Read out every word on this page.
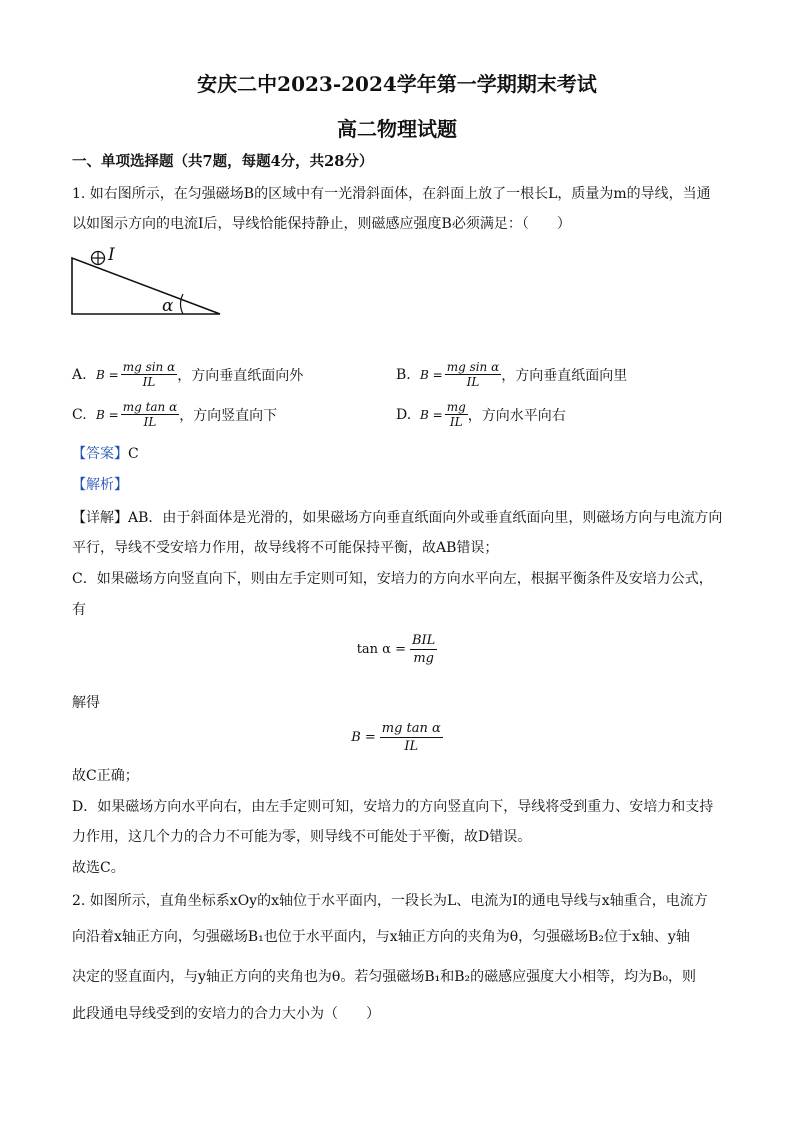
安庆二中2023-2024学年第一学期期末考试
高二物理试题
一、单项选择题（共7题，每题4分，共28分）
1. 如右图所示，在匀强磁场B的区域中有一光滑斜面体，在斜面上放了一根长L，质量为m的导线，当通
以如图示方向的电流I后，导线恰能保持静止，则磁感应强度B必须满足：（　　）
I
α
A. $B = \frac{\text{mg sin α}}{IL}$ ，方向垂直纸面向外	B. $B = \frac{\text{mg sin α}}{IL}$ ，方向垂直纸面向里
C. $B = \frac{\text{mg tan α}}{IL}$ ，方向竖直向下	D. $B = \frac{mg}{IL}$ ，方向水平向右
【答案】C
【解析】
【详解】AB．由于斜面体是光滑的，如果磁场方向垂直纸面向外或垂直纸面向里，则磁场方向与电流方向
平行，导线不受安培力作用，故导线将不可能保持平衡，故AB错误；
C．如果磁场方向竖直向下，则由左手定则可知，安培力的方向水平向左，根据平衡条件及安培力公式，
有
$\tan \alpha = \frac{\text{BIL}}{mg}$
解得
$B = \frac{\text{mg tan α}}{IL}$
故C正确；
D．如果磁场方向水平向右，由左手定则可知，安培力的方向竖直向下，导线将受到重力、安培力和支持
力作用，这几个力的合力不可能为零，则导线不可能处于平衡，故D错误。
故选C。
2. 如图所示，直角坐标系xOy的x轴位于水平面内，一段长为L、电流为I的通电导线与x轴重合，电流方
向沿着x轴正方向，匀强磁场B₁也位于水平面内，与x轴正方向的夹角为θ，匀强磁场B₂位于x轴、y轴
决定的竖直面内，与y轴正方向的夹角也为θ。若匀强磁场B₁和B₂的磁感应强度大小相等，均为B₀，则
此段通电导线受到的安培力的合力大小为（　　）
